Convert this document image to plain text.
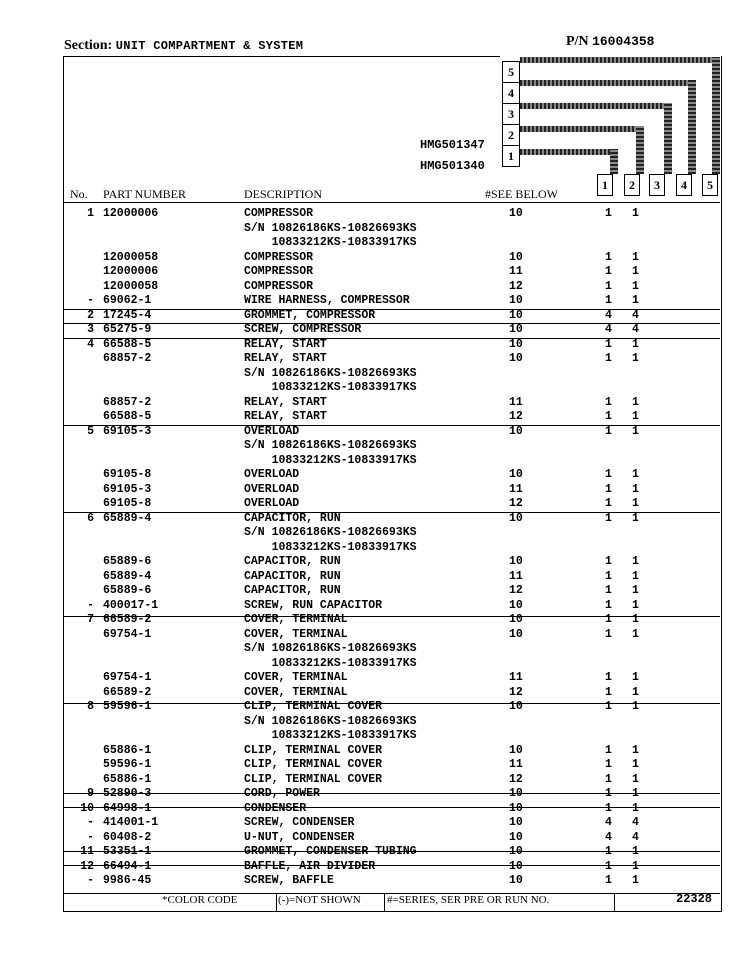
Section: UNIT COMPARTMENT & SYSTEM	P/N 16004358
5
4
3
2
1
HMG501347
HMG501340
1	2	3	4	5
No. PART NUMBER	DESCRIPTION	#SEE BELOW
1 12000006	COMPRESSOR	10	1 1
S/N 10826186KS-10826693KS
10833212KS-10833917KS
12000058	COMPRESSOR	10	1 1
12000006	COMPRESSOR	11	1 1
12000058	COMPRESSOR	12	1 1
- 69062-1	WIRE HARNESS, COMPRESSOR	10	1 1
2 17245-4	GROMMET, COMPRESSOR	10	4 4
3 65275-9	SCREW, COMPRESSOR	10	4 4
4 66588-5	RELAY, START	10	1 1
68857-2	RELAY, START	10	1 1
S/N 10826186KS-10826693KS
10833212KS-10833917KS
68857-2	RELAY, START	11	1 1
66588-5	RELAY, START	12	1 1
5 69105-3	OVERLOAD	10	1 1
S/N 10826186KS-10826693KS
10833212KS-10833917KS
69105-8	OVERLOAD	10	1 1
69105-3	OVERLOAD	11	1 1
69105-8	OVERLOAD	12	1 1
6 65889-4	CAPACITOR, RUN	10	1 1
S/N 10826186KS-10826693KS
10833212KS-10833917KS
65889-6	CAPACITOR, RUN	10	1 1
65889-4	CAPACITOR, RUN	11	1 1
65889-6	CAPACITOR, RUN	12	1 1
- 400017-1	SCREW, RUN CAPACITOR	10	1 1
7 66589-2	COVER, TERMINAL	10	1 1
69754-1	COVER, TERMINAL	10	1 1
S/N 10826186KS-10826693KS
10833212KS-10833917KS
69754-1	COVER, TERMINAL	11	1 1
66589-2	COVER, TERMINAL	12	1 1
8 59596-1	CLIP, TERMINAL COVER	10	1 1
S/N 10826186KS-10826693KS
10833212KS-10833917KS
65886-1	CLIP, TERMINAL COVER	10	1 1
59596-1	CLIP, TERMINAL COVER	11	1 1
65886-1	CLIP, TERMINAL COVER	12	1 1
9 52890-3	CORD, POWER	10	1 1
10 64998-1	CONDENSER	10	1 1
- 414001-1	SCREW, CONDENSER	10	4 4
- 60408-2	U-NUT, CONDENSER	10	4 4
11 53351-1	GROMMET, CONDENSER TUBING	10	1 1
12 66494-1	BAFFLE, AIR DIVIDER	10	1 1
- 9986-45	SCREW, BAFFLE	10	1 1
*COLOR CODE	(-)=NOT SHOWN #=SERIES, SER PRE OR RUN NO.	22328
